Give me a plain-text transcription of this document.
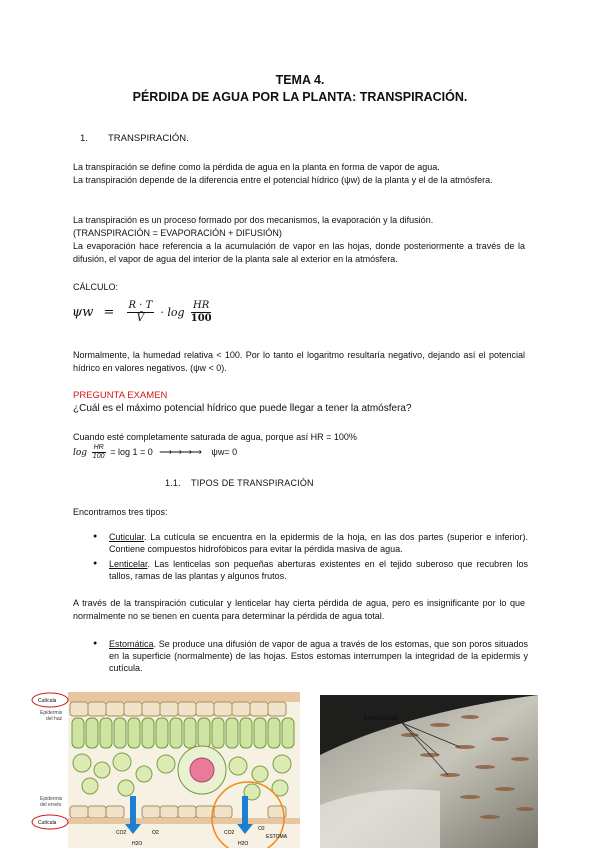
TEMA 4.
PÉRDIDA DE AGUA POR LA PLANTA: TRANSPIRACIÓN.
1. TRANSPIRACIÓN.
La transpiración se define como la pérdida de agua en la planta en forma de vapor de agua.
La transpiración depende de la diferencia entre el potencial hídrico (ψw) de la planta y el de la atmósfera.
La transpiración es un proceso formado por dos mecanismos, la evaporación y la difusión.
(TRANSPIRACIÓN = EVAPORACIÓN + DIFUSIÓN)
La evaporación hace referencia a la acumulación de vapor en las hojas, donde posteriormente a través de la difusión, el vapor de agua del interior de la planta sale al exterior en la atmósfera.
CÁLCULO:
$\psi w = \frac{R \cdot T}{V̄} \cdot \log \frac{HR}{100}$
Normalmente, la humedad relativa < 100. Por lo tanto el logaritmo resultaría negativo, dejando así el potencial hídrico en valores negativos. (ψw < 0).
PREGUNTA EXAMEN
¿Cuál es el máximo potencial hídrico que puede llegar a tener la atmósfera?
Cuando esté completamente saturada de agua, porque así HR = 100%
$\log \frac{HR}{100} = \log 1 = 0$ ⟶⟶⟶⟶ ψw= 0
1.1. TIPOS DE TRANSPIRACIÓN
Encontramos tres tipos:
● Cuticular. La cutícula se encuentra en la epidermis de la hoja, en las dos partes (superior e inferior). Contiene compuestos hidrofóbicos para evitar la pérdida masiva de agua.
● Lenticelar. Las lenticelas son pequeñas aberturas existentes en el tejido suberoso que recubren los tallos, ramas de las plantas y algunos frutos.
A través de la transpiración cuticular y lenticelar hay cierta pérdida de agua, pero es insignificante por lo que normalmente no se tienen en cuenta para determinar la pérdida de agua total.
● Estomática. Se produce una difusión de vapor de agua a través de los estomas, que son poros situados en la superficie (normalmente) de las hojas. Estos estomas interrumpen la integridad de la epidermis y cutícula.
Cutícula
Epidermis
del haz
Epidermis
del envés
Cutícula
CO2	O2
H2O
CO2
O2
H2O
ESTOMA
Lenticelas
